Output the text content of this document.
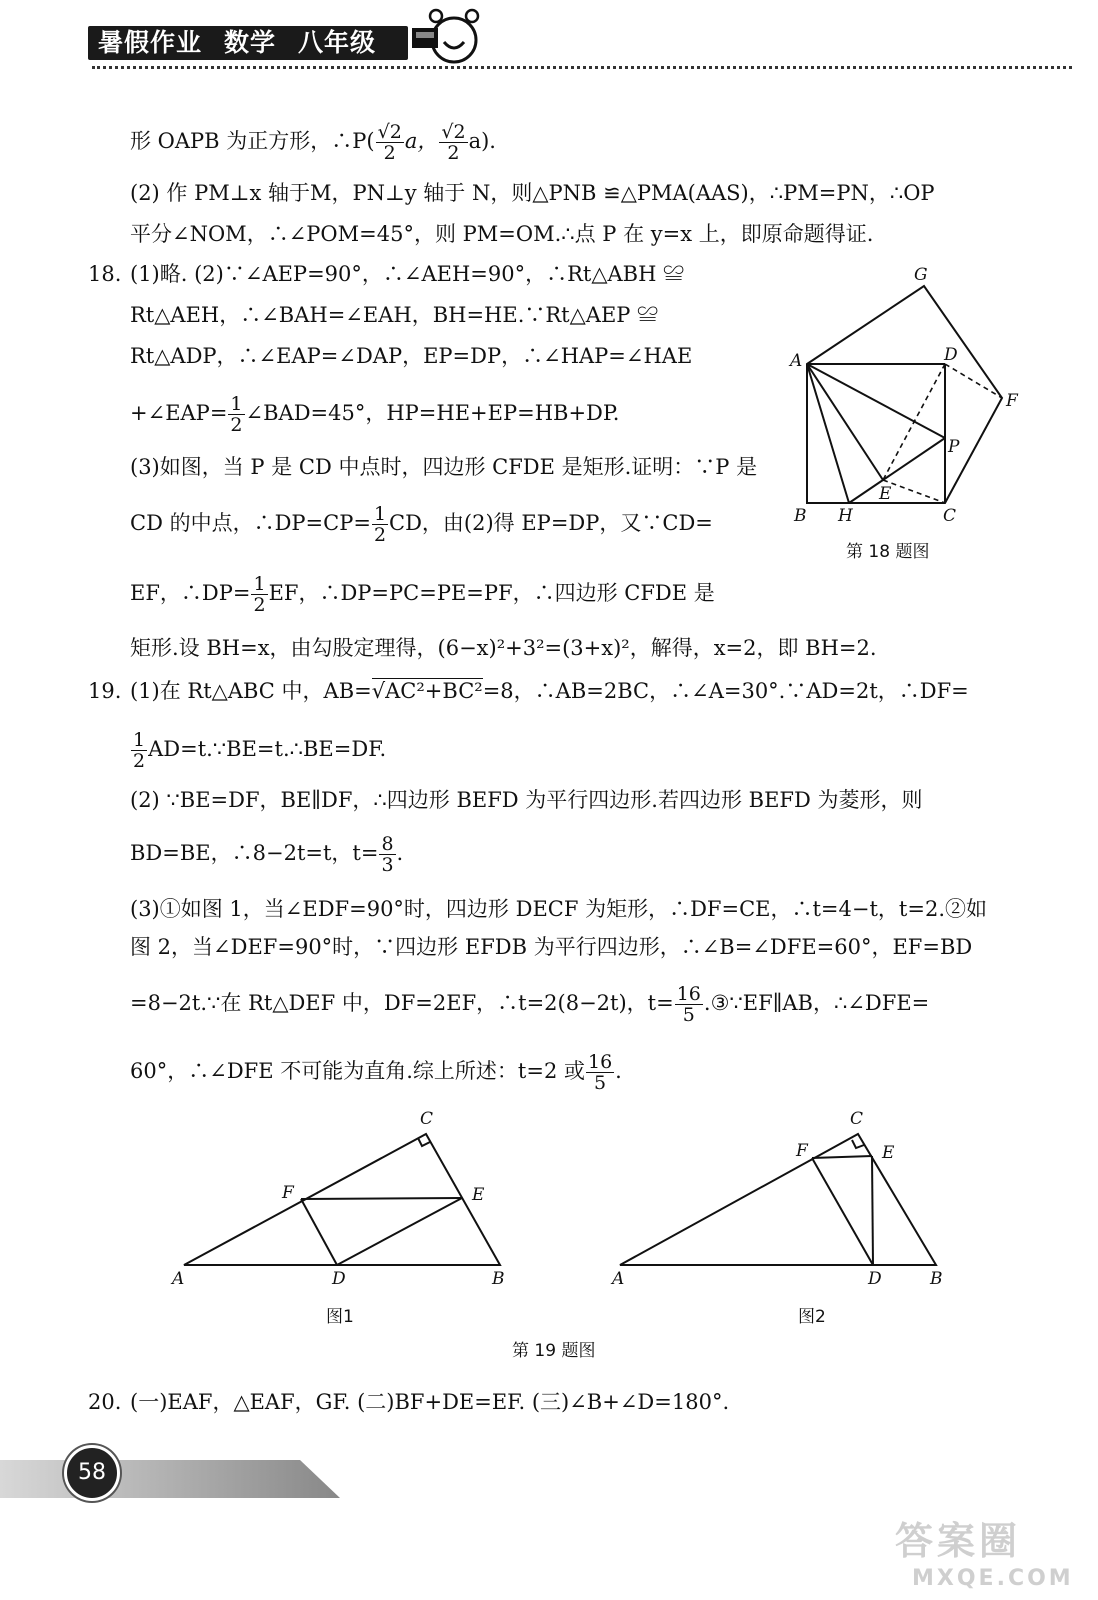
暑假作业 数学 八年级
形 OAPB 为正方形，∴P( $\frac{√2}{2}$ a， $\frac{√2}{2} a$).
(2) 作 PM⊥x 轴于M，PN⊥y 轴于 N，则△PNB ≌△PMA(AAS)，∴PM=PN，∴OP
平分∠NOM，∴∠POM=45°，则 PM=OM.∴点 P 在 y=x 上，即原命题得证.
18. (1)略. (2)∵∠AEP=90°，∴∠AEH=90°，∴Rt△ABH ≌
Rt△AEH，∴∠BAH=∠EAH，BH=HE.∵Rt△AEP ≌
Rt△ADP，∴∠EAP=∠DAP，EP=DP，∴∠HAP=∠HAE
+∠EAP= $\frac{1}{2}$ ∠BAD=45°，HP=HE+EP=HB+DP.
(3)如图，当 P 是 CD 中点时，四边形 CFDE 是矩形.证明：∵P 是
CD 的中点，∴DP=CP= $\frac{1}{2}$ CD，由(2)得 EP=DP，又∵CD=
EF，∴DP= $\frac{1}{2}$ EF，∴DP=PC=PE=PF，∴四边形 CFDE 是
矩形.设 BH=x，由勾股定理得，(6−x)²+3²=(3+x)²，解得，x=2，即 BH=2.
G
A	D
F
P
E
B H	C
第 18 题图
19. (1)在 Rt△ABC 中，AB=√AC²+BC²=8，∴AB=2BC，∴∠A=30°.∵AD=2t，∴DF=
$\frac{1}{2}$ AD=t.∵BE=t.∴BE=DF.
(2) ∵BE=DF，BE∥DF，∴四边形 BEFD 为平行四边形.若四边形 BEFD 为菱形，则
BD=BE，∴8−2t=t，$t= \frac{8}{3}$ .
(3)①如图 1，当∠EDF=90°时，四边形 DECF 为矩形，∴DF=CE，∴t=4−t，t=2.②如
图 2，当∠DEF=90°时，∵四边形 EFDB 为平行四边形，∴∠B=∠DFE=60°，EF=BD
=8−2t.∵在 Rt△DEF 中，DF=2EF，∴t=2(8−2t)，$t= \frac{16}{5}$ .③∵EF∥AB，∴∠DFE=
60°，∴∠DFE 不可能为直角.综上所述：t=2 或 $\frac{16}{5}$ .
C
F	E
A	D	B
图1
C
F	E
A	D	B
图2
第 19 题图
20. (一)EAF，△EAF，GF. (二)BF+DE=EF. (三)∠B+∠D=180°.
58
答案圈
MXQE.COM
